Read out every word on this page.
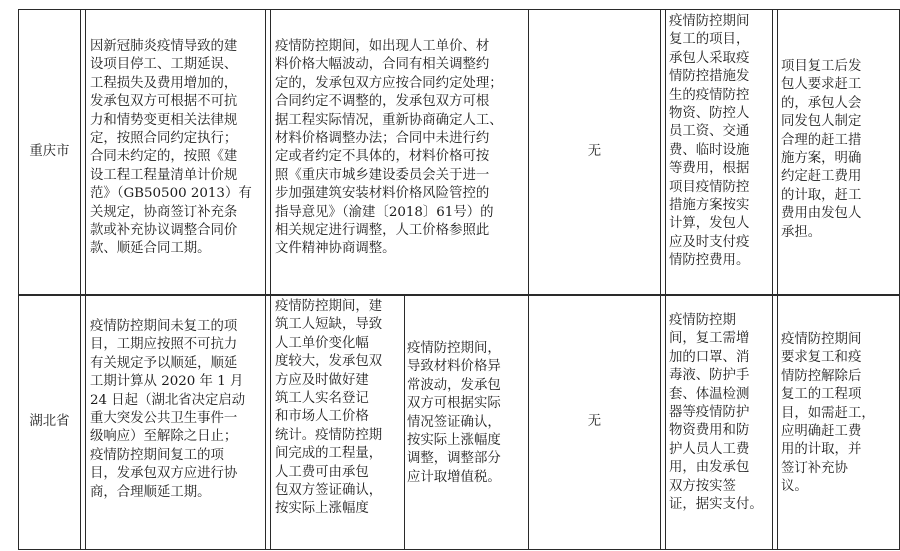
重庆市
因新冠肺炎疫情导致的建
设项目停工、工期延误、
工程损失及费用增加的，
发承包双方可根据不可抗
力和情势变更相关法律规
定，按照合同约定执行；
合同未约定的，按照《建
设工程工程量清单计价规
范》（GB50500 2013）有
关规定，协商签订补充条
款或补充协议调整合同价
款、顺延合同工期。
疫情防控期间，如出现人工单价、材
料价格大幅波动，合同有相关调整约
定的，发承包双方应按合同约定处理；
合同约定不调整的，发承包双方可根
据工程实际情况，重新协商确定人工、
材料价格调整办法；合同中未进行约
定或者约定不具体的，材料价格可按
照《重庆市城乡建设委员会关于进一
步加强建筑安装材料价格风险管控的
指导意见》（渝建〔2018〕61号）的
相关规定进行调整，人工价格参照此
文件精神协商调整。
无
疫情防控期间
复工的项目，
承包人采取疫
情防控措施发
生的疫情防控
物资、防控人
员工资、交通
费、临时设施
等费用，根据
项目疫情防控
措施方案按实
计算，发包人
应及时支付疫
情防控费用。
项目复工后发
包人要求赶工
的，承包人会
同发包人制定
合理的赶工措
施方案，明确
约定赶工费用
的计取，赶工
费用由发包人
承担。
湖北省
疫情防控期间未复工的项
目，工期应按照不可抗力
有关规定予以顺延，顺延
工期计算从 2020 年 1 月
24 日起（湖北省决定启动
重大突发公共卫生事件一
级响应）至解除之日止；
疫情防控期间复工的项
目，发承包双方应进行协
商，合理顺延工期。
疫情防控期间，建
筑工人短缺，导致
人工单价变化幅
度较大，发承包双
方应及时做好建
筑工人实名登记
和市场人工价格
统计。疫情防控期
间完成的工程量，
人工费可由承包
包双方签证确认，
按实际上涨幅度
疫情防控期间，
导致材料价格异
常波动，发承包
双方可根据实际
情况签证确认，
按实际上涨幅度
调整，调整部分
应计取增值税。
无
疫情防控期
间，复工需增
加的口罩、消
毒液、防护手
套、体温检测
器等疫情防护
物资费用和防
护人员人工费
用，由发承包
双方按实签
证，据实支付。
疫情防控期间
要求复工和疫
情防控解除后
复工的工程项
目，如需赶工，
应明确赶工费
用的计取，并
签订补充协
议。
